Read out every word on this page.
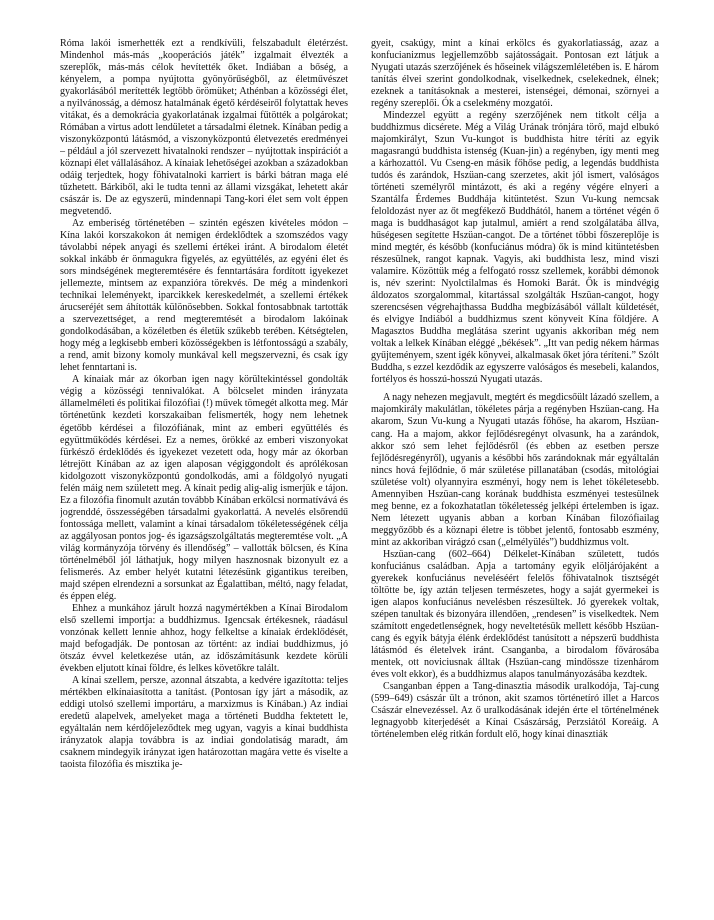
Róma lakói ismerhették ezt a rendkívüli, felszabadult életérzést. Mindenhol más-más „kooperációs játék” izgalmait élvezték a szereplők, más-más célok hevítették őket. Indiában a bőség, a kényelem, a pompa nyújtotta gyönyörűségből, az életművészet gyakorlásából merítették legtöbb örömüket; Athénban a közösségi élet, a nyilvánosság, a démosz hatalmának égető kérdéseiről folytattak heves vitákat, és a demokrácia gyakorlatának izgalmai fűtötték a polgárokat; Rómában a virtus adott lendületet a társadalmi életnek. Kínában pedig a viszonyközpontú látásmód, a viszonyközpontú életvezetés eredményei – például a jól szervezett hivatalnoki rendszer – nyújtottak inspirációt a köznapi élet vállalásához. A kínaiak lehetőségei azokban a századokban odáig terjedtek, hogy föhivatalnoki karriert is bárki bátran maga elé tűzhetett. Bárkiből, aki le tudta tenni az állami vizsgákat, lehetett akár császár is. De az egyszerű, mindennapi Tang-kori élet sem volt éppen megvetendő.

Az emberiség történetében – szintén egészen kivételes módon – Kína lakói korszakokon át nemigen érdeklődtek a szomszédos vagy távolabbi népek anyagi és szellemi értékei iránt. A birodalom életét sokkal inkább ér önmagukra figyelés, az együttélés, az egyéni élet és sors mindségének megteremtésére és fenntartására fordított igyekezet jellemezte, mintsem az expanzióra törekvés. De még a mindenkori technikai leleményekt, iparcikkek kereskedelmét, a szellemi értékek árucseréjét sem áhították különösebben. Sokkal fontosabbnak tartották a szervezettséget, a rend megteremtését a birodalom lakóinak gondolkodásában, a közéletben és életük szűkebb terében. Kétségtelen, hogy még a legkisebb emberi közösségekben is létfontosságú a szabály, a rend, amit bizony komoly munkával kell megszervezni, és csak így lehet fenntartani is.

A kínaiak már az ókorban igen nagy körültekintéssel gondolták végig a közösségi tennivalókat. A bölcselet minden irányzata államelméleti és politikai filozófiai (!) művek tömegét alkotta meg. Már történetünk kezdeti korszakaiban felismerték, hogy nem lehetnek égetőbb kérdései a filozófiának, mint az emberi együttélés és együttműködés kérdései. Ez a nemes, örökké az emberi viszonyokat fürkésző érdeklődés és igyekezet vezetett oda, hogy már az ókorban létrejött Kínában az az igen alaposan végiggondolt és aprólékosan kidolgozott viszonyközpontú gondolkodás, ami a földgolyó nyugati felén máig nem született meg. A kínait pedig alig-alig ismerjük e tájon. Ez a filozófia finomult azután továbbb Kínában erkölcsi normatívává és jogrenddé, összességében társadalmi gyakorlattá. A nevelés elsőrendű fontossága mellett, valamint a kínai társadalom tökéletességének célja az aggályosan pontos jog- és igazságszolgáltatás megteremtése volt. „A világ kormányzója törvény és illendőség” – vallották bölcsen, és Kína történelméből jól láthatjuk, hogy milyen hasznosnak bizonyult ez a felismerés. Az ember helyét kutatni létezésünk gigantikus tereiben, majd szépen elrendezni a sorsunkat az Égalattiban, méltó, nagy feladat, és éppen elég.

Ehhez a munkához járult hozzá nagymértékben a Kínai Birodalom első szellemi importja: a buddhizmus. Igencsak értékesnek, ráadásul vonzónak kellett lennie ahhoz, hogy felkeltse a kínaiak érdeklődését, majd befogadják. De pontosan az történt: az indiai buddhizmus, jó ötszáz évvel keletkezése után, az időszámításunk kezdete körüli években eljutott kínai földre, és lelkes követőkre talált.

A kínai szellem, persze, azonnal átszabta, a kedvére igazította: teljes mértékben elkínaiasította a tanítást. (Pontosan így járt a második, az eddigi utolsó szellemi importáru, a marxizmus is Kínában.) Az indiai eredetű alapelvek, amelyeket maga a történeti Buddha fektetett le, egyáltalán nem kérdőjeleződtek meg ugyan, vagyis a kínai buddhista irányzatok alapja továbbra is az indiai gondolatiság maradt, ám csaknem mindegyik irányzat igen határozottan magára vette és viselte a taoista filozófia és misztika je-

gyeit, csakúgy, mint a kínai erkölcs és gyakorlatiasság, azaz a konfucianizmus legjellemzőbb sajátosságait. Pontosan ezt látjuk a Nyugati utazás szerzőjének és hőseinek világszemléletében is. E három tanítás élvei szerint gondolkodnak, viselkednek, cselekednek, élnek; ezeknek a tanításoknak a mesterei, istenségei, démonai, szörnyei a regény szereplői. Ók a cselekmény mozgatói.

Mindezzel együtt a regény szerzőjének nem titkolt célja a buddhizmus dicsérete. Még a Világ Urának trónjára törő, majd elbukó majomkirályt, Szun Vu-kungot is buddhista hitre téríti az egyik magasrangú buddhista istenség (Kuan-jin) a regényben, így menti meg a kárhozattól. Vu Cseng-en másik főhőse pedig, a legendás buddhista tudós és zarándok, Hszüan-cang szerzetes, akit jól ismert, valóságos történeti személyről mintázott, és aki a regény végére elnyeri a Szantálfa Érdemes Buddhája kitüntetést. Szun Vu-kung nemcsak feloldozást nyer az őt megfékező Buddhától, hanem a történet végén ő maga is buddhaságot kap jutalmul, amiért a rend szolgálatába állva, hűségesen segítette Hszüan-cangot. De a történet többi főszereplője is mind megtér, és később (konfuciánus módra) ők is mind kitüntetésben részesülnek, rangot kapnak. Vagyis, aki buddhista lesz, mind viszi valamire. Közöttük még a felfogató rossz szellemek, korábbi démonok is, név szerint: Nyolctilalmas és Homoki Barát. Ők is mindvégig áldozatos szorgalommal, kitartással szolgálták Hszüan-cangot, hogy szerencsésen végrehajthassa Buddha megbízásából vállalt küldetését, és elvigye Indiából a buddhizmus szent könyveit Kína földjére. A Magasztos Buddha meglátása szerint ugyanis akkoriban még nem voltak a lelkek Kínában eléggé „békések”. „Itt van pedig nékem hármas gyűjteményem, szent igék könyvei, alkalmasak őket jóra téríteni.” Szólt Buddha, s ezzel kezdődik az egyszerre valóságos és mesebeli, kalandos, fortélyos és hosszú-hosszú Nyugati utazás.

A nagy nehezen megjavult, megtért és megdicsőült lázadó szellem, a majomkirály makulátlan, tökéletes párja a regényben Hszüan-cang. Ha akarom, Szun Vu-kung a Nyugati utazás főhőse, ha akarom, Hszüan-cang. Ha a majom, akkor fejlődésregényt olvasunk, ha a zarándok, akkor szó sem lehet fejlődésről (és ebben az esetben persze fejlődésregényről), ugyanis a későbbi hős zarándoknak már egyáltalán nincs hová fejlődnie, ő már születése pillanatában (csodás, mitológiai születése volt) olyannyira eszményi, hogy nem is lehet tökéletesebb. Amennyiben Hszüan-cang korának buddhista eszményei testesülnek meg benne, ez a fokozhatatlan tökéletesség jelképi értelemben is igaz. Nem létezett ugyanis abban a korban Kínában filozófiailag meggyőzőbb és a köznapi életre is többet jelentő, fontosabb eszmény, mint az akkoriban virágzó csan („elmélyülés”) buddhizmus volt.

Hszüan-cang (602–664) Délkelet-Kínában született, tudós konfuciánus családban. Apja a tartomány egyik elöljárójaként a gyerekek konfuciánus neveléséért felelős főhivatalnok tisztségét töltötte be, így aztán teljesen természetes, hogy a saját gyermekei is igen alapos konfuciánus nevelésben részesültek. Jó gyerekek voltak, szépen tanultak és bizonyára illendően, „rendesen” is viselkedtek. Nem számított engedetlenségnek, hogy neveltetésük mellett később Hszüan-cang és egyik bátyja élénk érdeklődést tanúsított a népszerű buddhista látásmód és életelvek iránt. Csanganba, a birodalom fővárosába mentek, ott noviciusnak álltak (Hszüan-cang mindössze tizenhárom éves volt ekkor), és a buddhizmus alapos tanulmányozásába kezdtek.

Csanganban éppen a Tang-dinasztia második uralkodója, Taj-cung (599–649) császár ült a trónon, akit szamos történetíró illet a Harcos Császár elnevezéssel. Az ő uralkodásának idején érte el történelmének legnagyobb kiterjedését a Kínai Császárság, Perzsiától Koreáig. A történelemben elég ritkán fordult elő, hogy kínai dinasztiák
